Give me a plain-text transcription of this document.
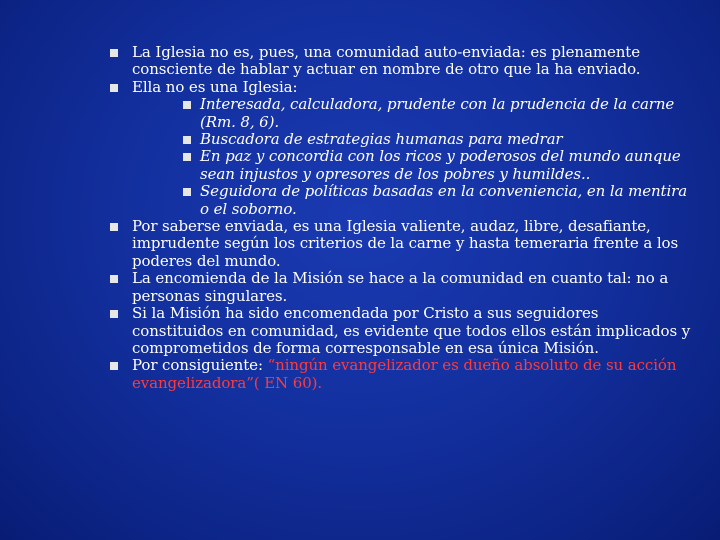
La Iglesia no es, pues, una comunidad auto-enviada: es plenamente consciente de hablar y actuar en nombre de otro que la ha enviado.
Ella no es una Iglesia:
Interesada, calculadora, prudente con la prudencia de la carne (Rm. 8, 6).
Buscadora de estrategias humanas para medrar
En paz y concordia con los ricos y poderosos del mundo aunque sean injustos y opresores de los pobres y humildes..
Seguidora de políticas basadas en la conveniencia, en la mentira o el soborno.
Por saberse enviada, es una Iglesia valiente, audaz, libre, desafiante, imprudente según los criterios de la carne y hasta temeraria frente a los poderes del mundo.
La encomienda de la Misión se hace a la comunidad en cuanto tal: no a personas singulares.
Si la Misión ha sido encomendada por Cristo a sus seguidores constituidos en comunidad, es evidente que todos ellos están implicados y comprometidos de forma corresponsable en esa única Misión.
Por consiguiente: “ningún evangelizador es dueño absoluto de su acción evangelizadora”( EN 60).
